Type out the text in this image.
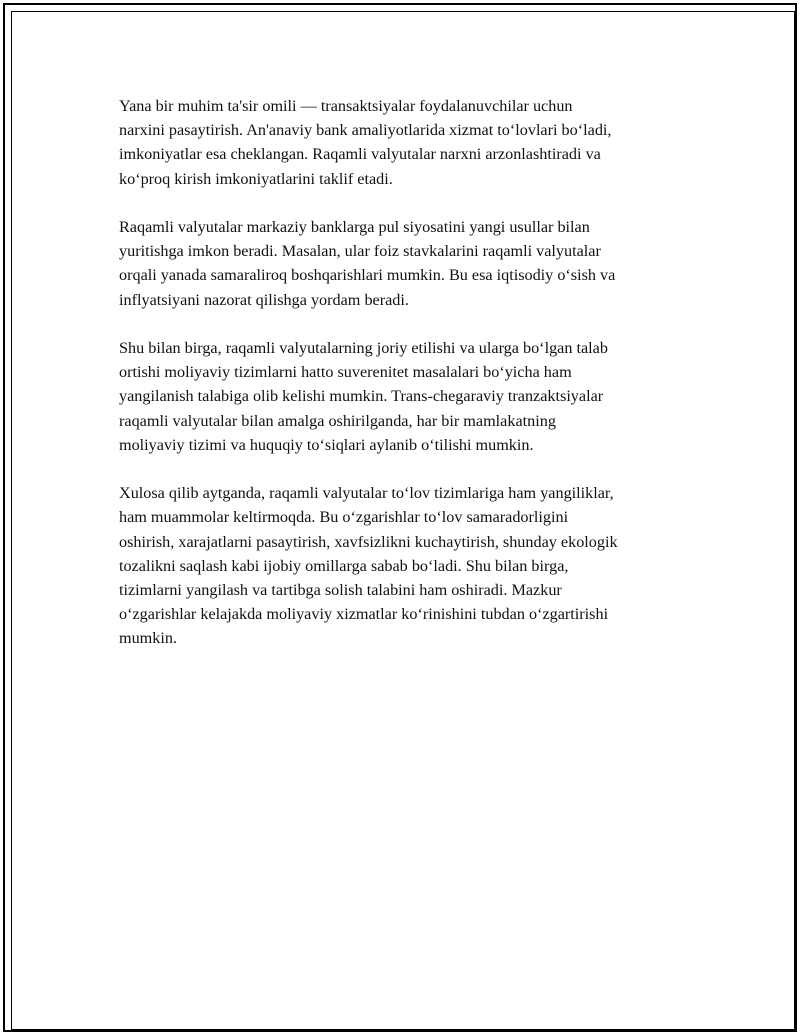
Yana bir muhim ta'sir omili — transaktsiyalar foydalanuvchilar uchun
narxini pasaytirish. An'anaviy bank amaliyotlarida xizmat to‘lovlari bo‘ladi,
imkoniyatlar esa cheklangan. Raqamli valyutalar narxni arzonlashtiradi va
ko‘proq kirish imkoniyatlarini taklif etadi.

Raqamli valyutalar markaziy banklarga pul siyosatini yangi usullar bilan
yuritishga imkon beradi. Masalan, ular foiz stavkalarini raqamli valyutalar
orqali yanada samaraliroq boshqarishlari mumkin. Bu esa iqtisodiy o‘sish va
inflyatsiyani nazorat qilishga yordam beradi.

Shu bilan birga, raqamli valyutalarning joriy etilishi va ularga bo‘lgan talab
ortishi moliyaviy tizimlarni hatto suverenitet masalalari bo‘yicha ham
yangilanish talabiga olib kelishi mumkin. Trans-chegaraviy tranzaktsiyalar
raqamli valyutalar bilan amalga oshirilganda, har bir mamlakatning
moliyaviy tizimi va huquqiy to‘siqlari aylanib o‘tilishi mumkin.

Xulosa qilib aytganda, raqamli valyutalar to‘lov tizimlariga ham yangiliklar,
ham muammolar keltirmoqda. Bu o‘zgarishlar to‘lov samaradorligini
oshirish, xarajatlarni pasaytirish, xavfsizlikni kuchaytirish, shunday ekologik
tozalikni saqlash kabi ijobiy omillarga sabab bo‘ladi. Shu bilan birga,
tizimlarni yangilash va tartibga solish talabini ham oshiradi. Mazkur
o‘zgarishlar kelajakda moliyaviy xizmatlar ko‘rinishini tubdan o‘zgartirishi
mumkin.
